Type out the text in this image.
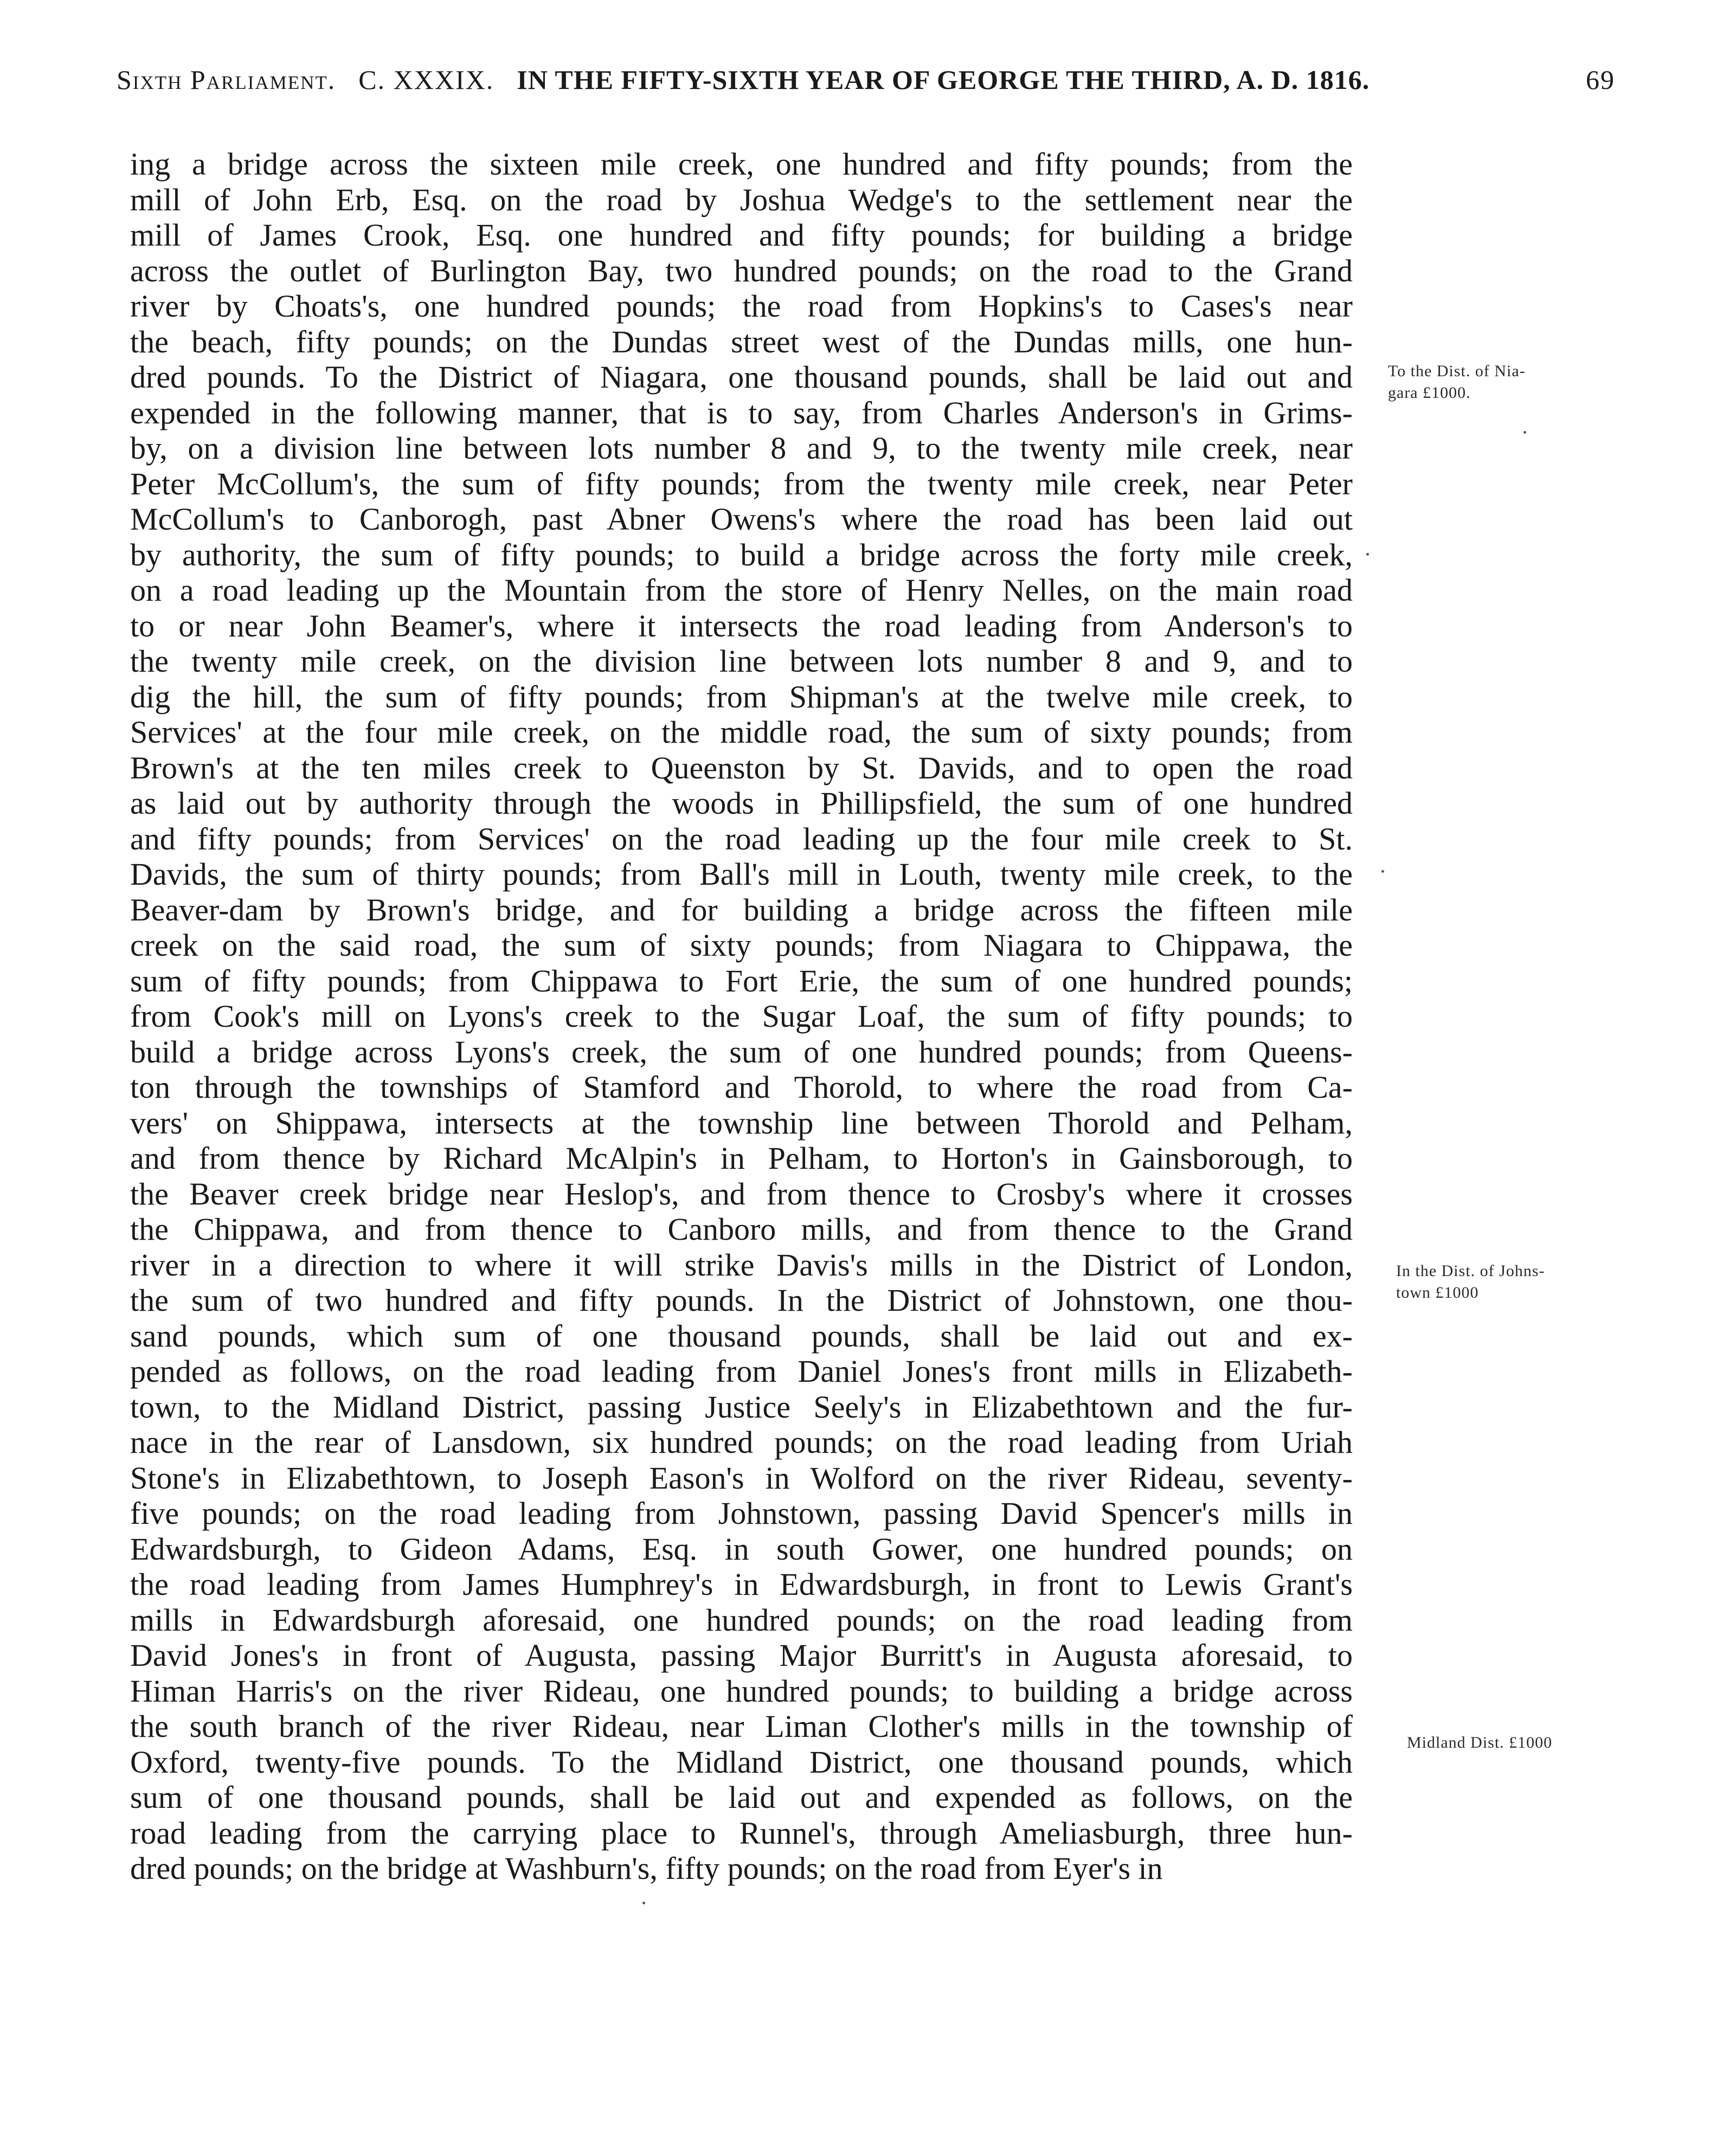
Sixth Parliament. C. XXXIX. IN THE FIFTY-SIXTH YEAR OF GEORGE THE THIRD, A. D. 1816.	69
ing a bridge across the sixteen mile creek, one hundred and fifty pounds; from the
mill of John Erb, Esq. on the road by Joshua Wedge's to the settlement near the
mill of James Crook, Esq. one hundred and fifty pounds; for building a bridge
across the outlet of Burlington Bay, two hundred pounds; on the road to the Grand
river by Choats's, one hundred pounds; the road from Hopkins's to Cases's near
the beach, fifty pounds; on the Dundas street west of the Dundas mills, one hun-
dred pounds. To the District of Niagara, one thousand pounds, shall be laid out and
expended in the following manner, that is to say, from Charles Anderson's in Grims-
by, on a division line between lots number 8 and 9, to the twenty mile creek, near
Peter McCollum's, the sum of fifty pounds; from the twenty mile creek, near Peter
McCollum's to Canborogh, past Abner Owens's where the road has been laid out
by authority, the sum of fifty pounds; to build a bridge across the forty mile creek,
on a road leading up the Mountain from the store of Henry Nelles, on the main road
to or near John Beamer's, where it intersects the road leading from Anderson's to
the twenty mile creek, on the division line between lots number 8 and 9, and to
dig the hill, the sum of fifty pounds; from Shipman's at the twelve mile creek, to
Services' at the four mile creek, on the middle road, the sum of sixty pounds; from
Brown's at the ten miles creek to Queenston by St. Davids, and to open the road
as laid out by authority through the woods in Phillipsfield, the sum of one hundred
and fifty pounds; from Services' on the road leading up the four mile creek to St.
Davids, the sum of thirty pounds; from Ball's mill in Louth, twenty mile creek, to the
Beaver-dam by Brown's bridge, and for building a bridge across the fifteen mile
creek on the said road, the sum of sixty pounds; from Niagara to Chippawa, the
sum of fifty pounds; from Chippawa to Fort Erie, the sum of one hundred pounds;
from Cook's mill on Lyons's creek to the Sugar Loaf, the sum of fifty pounds; to
build a bridge across Lyons's creek, the sum of one hundred pounds; from Queens-
ton through the townships of Stamford and Thorold, to where the road from Ca-
vers' on Shippawa, intersects at the township line between Thorold and Pelham,
and from thence by Richard McAlpin's in Pelham, to Horton's in Gainsborough, to
the Beaver creek bridge near Heslop's, and from thence to Crosby's where it crosses
the Chippawa, and from thence to Canboro mills, and from thence to the Grand
river in a direction to where it will strike Davis's mills in the District of London,
the sum of two hundred and fifty pounds. In the District of Johnstown, one thou-
sand pounds, which sum of one thousand pounds, shall be laid out and ex-
pended as follows, on the road leading from Daniel Jones's front mills in Elizabeth-
town, to the Midland District, passing Justice Seely's in Elizabethtown and the fur-
nace in the rear of Lansdown, six hundred pounds; on the road leading from Uriah
Stone's in Elizabethtown, to Joseph Eason's in Wolford on the river Rideau, seventy-
five pounds; on the road leading from Johnstown, passing David Spencer's mills in
Edwardsburgh, to Gideon Adams, Esq. in south Gower, one hundred pounds; on
the road leading from James Humphrey's in Edwardsburgh, in front to Lewis Grant's
mills in Edwardsburgh aforesaid, one hundred pounds; on the road leading from
David Jones's in front of Augusta, passing Major Burritt's in Augusta aforesaid, to
Himan Harris's on the river Rideau, one hundred pounds; to building a bridge across
the south branch of the river Rideau, near Liman Clother's mills in the township of
Oxford, twenty-five pounds. To the Midland District, one thousand pounds, which
sum of one thousand pounds, shall be laid out and expended as follows, on the
road leading from the carrying place to Runnel's, through Ameliasburgh, three hun-
dred pounds; on the bridge at Washburn's, fifty pounds; on the road from Eyer's in
To the Dist. of Nia-
gara £1000.
In the Dist. of Johns-
town £1000
Midland Dist. £1000
